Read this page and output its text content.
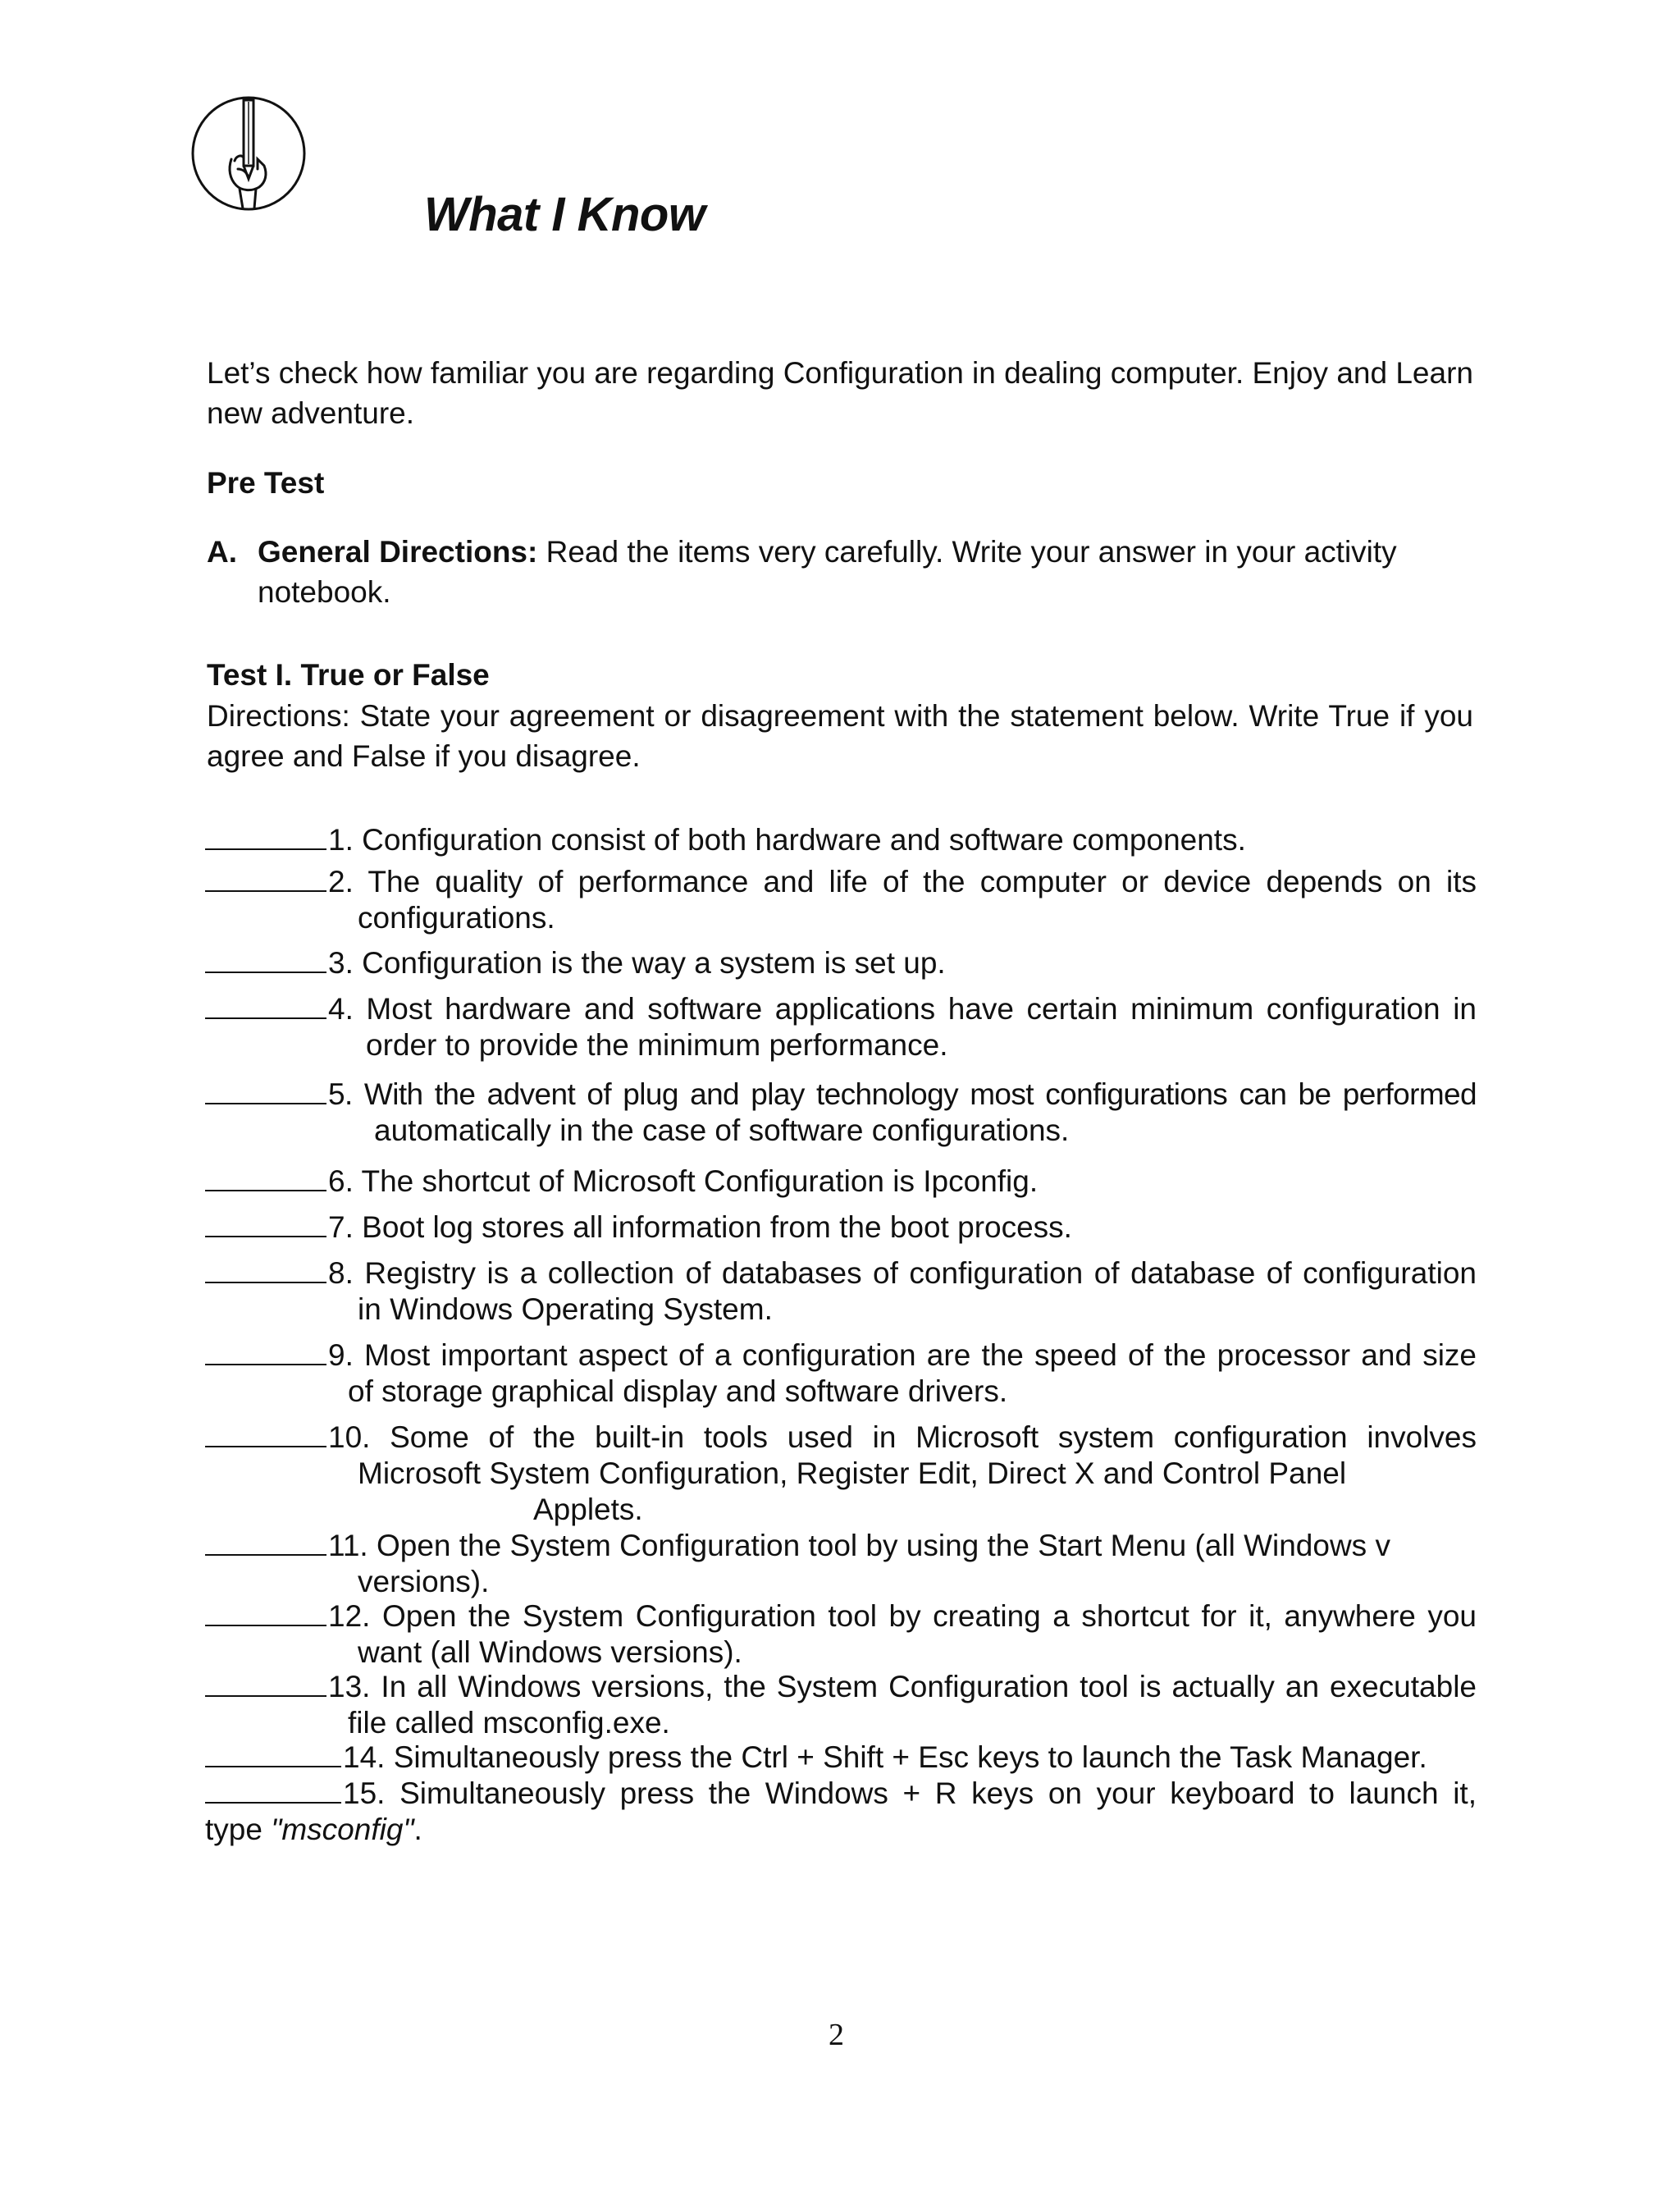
What I Know

Let’s check how familiar you are regarding Configuration in dealing computer. Enjoy and Learn new adventure.

Pre Test

A. General Directions: Read the items very carefully. Write your answer in your activity notebook.

Test I. True or False

Directions: State your agreement or disagreement with the statement below. Write True if you agree and False if you disagree.

1. Configuration consist of both hardware and software components.
2. The quality of performance and life of the computer or device depends on its
configurations.
3. Configuration is the way a system is set up.
4. Most hardware and software applications have certain minimum configuration in
order to provide the minimum performance.
5. With the advent of plug and play technology most configurations can be performed
automatically in the case of software configurations.
6. The shortcut of Microsoft Configuration is Ipconfig.
7. Boot log stores all information from the boot process.
8. Registry is a collection of databases of configuration of database of configuration
in Windows Operating System.
9. Most important aspect of a configuration are the speed of the processor and size
of storage graphical display and software drivers.
10. Some of the built-in tools used in Microsoft system configuration involves
Microsoft System Configuration, Register Edit, Direct X and Control Panel
Applets.
11. Open the System Configuration tool by using the Start Menu (all Windows v
versions).
12. Open the System Configuration tool by creating a shortcut for it, anywhere you
want (all Windows versions).
13. In all Windows versions, the System Configuration tool is actually an executable
file called msconfig.exe.
14. Simultaneously press the Ctrl + Shift + Esc keys to launch the Task Manager.
15. Simultaneously press the Windows + R keys on your keyboard to launch it,
type "msconfig".
2
